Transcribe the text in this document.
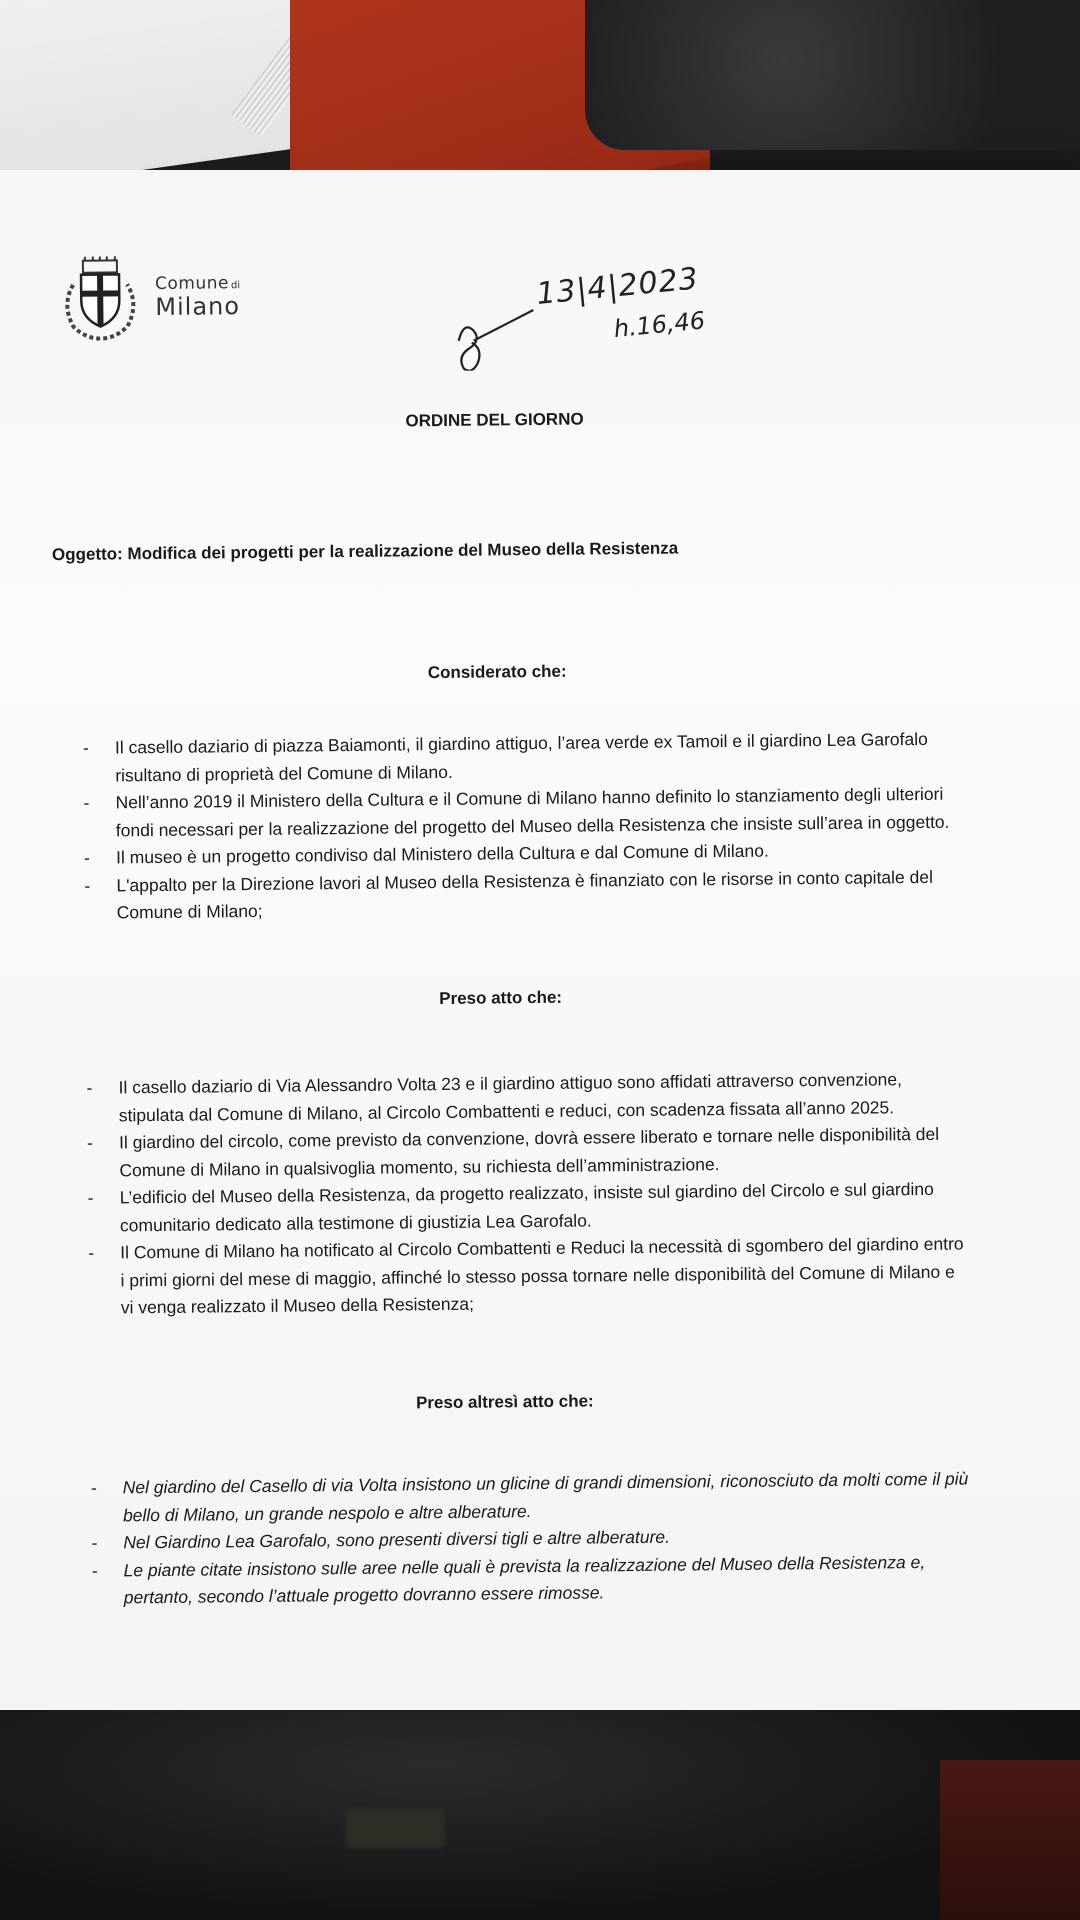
Comune di
Milano	13|4|2023
h.16,46
ORDINE DEL GIORNO
Oggetto: Modifica dei progetti per la realizzazione del Museo della Resistenza
Considerato che:
- Il casello daziario di piazza Baiamonti, il giardino attiguo, l’area verde ex Tamoil e il giardino Lea Garofalo risultano di proprietà del Comune di Milano.
- Nell’anno 2019 il Ministero della Cultura e il Comune di Milano hanno definito lo stanziamento degli ulteriori fondi necessari per la realizzazione del progetto del Museo della Resistenza che insiste sull’area in oggetto.
- Il museo è un progetto condiviso dal Ministero della Cultura e dal Comune di Milano.
- L'appalto per la Direzione lavori al Museo della Resistenza è finanziato con le risorse in conto capitale del Comune di Milano;
Preso atto che:
- Il casello daziario di Via Alessandro Volta 23 e il giardino attiguo sono affidati attraverso convenzione, stipulata dal Comune di Milano, al Circolo Combattenti e reduci, con scadenza fissata all’anno 2025.
- Il giardino del circolo, come previsto da convenzione, dovrà essere liberato e tornare nelle disponibilità del Comune di Milano in qualsivoglia momento, su richiesta dell’amministrazione.
- L’edificio del Museo della Resistenza, da progetto realizzato, insiste sul giardino del Circolo e sul giardino comunitario dedicato alla testimone di giustizia Lea Garofalo.
- Il Comune di Milano ha notificato al Circolo Combattenti e Reduci la necessità di sgombero del giardino entro i primi giorni del mese di maggio, affinché lo stesso possa tornare nelle disponibilità del Comune di Milano e vi venga realizzato il Museo della Resistenza;
Preso altresì atto che:
- Nel giardino del Casello di via Volta insistono un glicine di grandi dimensioni, riconosciuto da molti come il più bello di Milano, un grande nespolo e altre alberature.
- Nel Giardino Lea Garofalo, sono presenti diversi tigli e altre alberature.
- Le piante citate insistono sulle aree nelle quali è prevista la realizzazione del Museo della Resistenza e, pertanto, secondo l’attuale progetto dovranno essere rimosse.
